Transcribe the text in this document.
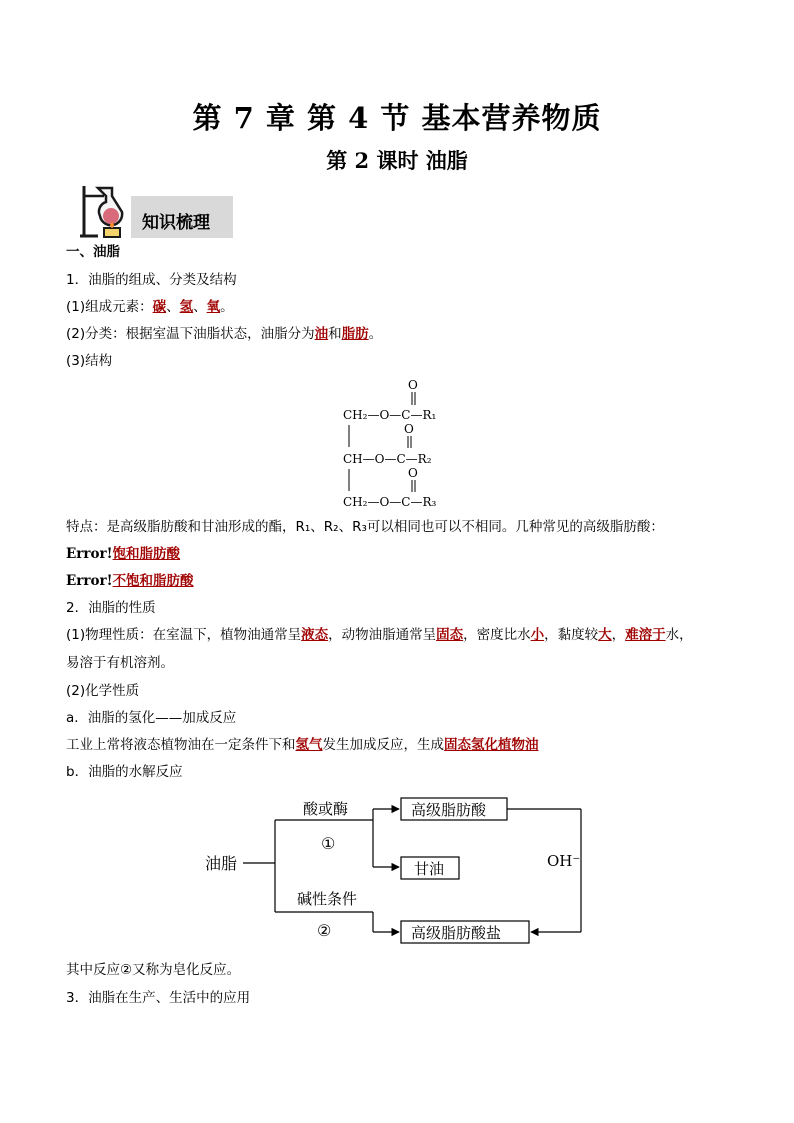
第 7 章 第 4 节 基本营养物质
第 2 课时 油脂
知识梳理
一、油脂
1．油脂的组成、分类及结构
(1)组成元素：碳、氢、氧。
(2)分类：根据室温下油脂状态，油脂分为油和脂肪。
(3)结构
O
CH₂—O—C—R₁
O
CH—O—C—R₂
O
CH₂—O—C—R₃
特点：是高级脂肪酸和甘油形成的酯，R₁、R₂、R₃可以相同也可以不相同。几种常见的高级脂肪酸：
Error!饱和脂肪酸
Error!不饱和脂肪酸
2．油脂的性质
(1)物理性质：在室温下，植物油通常呈液态，动物油脂通常呈固态，密度比水小，黏度较大，难溶于水，
易溶于有机溶剂。
(2)化学性质
a．油脂的氢化——加成反应
工业上常将液态植物油在一定条件下和氢气发生加成反应，生成固态氢化植物油
b．油脂的水解反应
油脂
酸或酶
①
碱性条件
②
高级脂肪酸
甘油
高级脂肪酸盐
OH⁻
其中反应②又称为皂化反应。
3．油脂在生产、生活中的应用
